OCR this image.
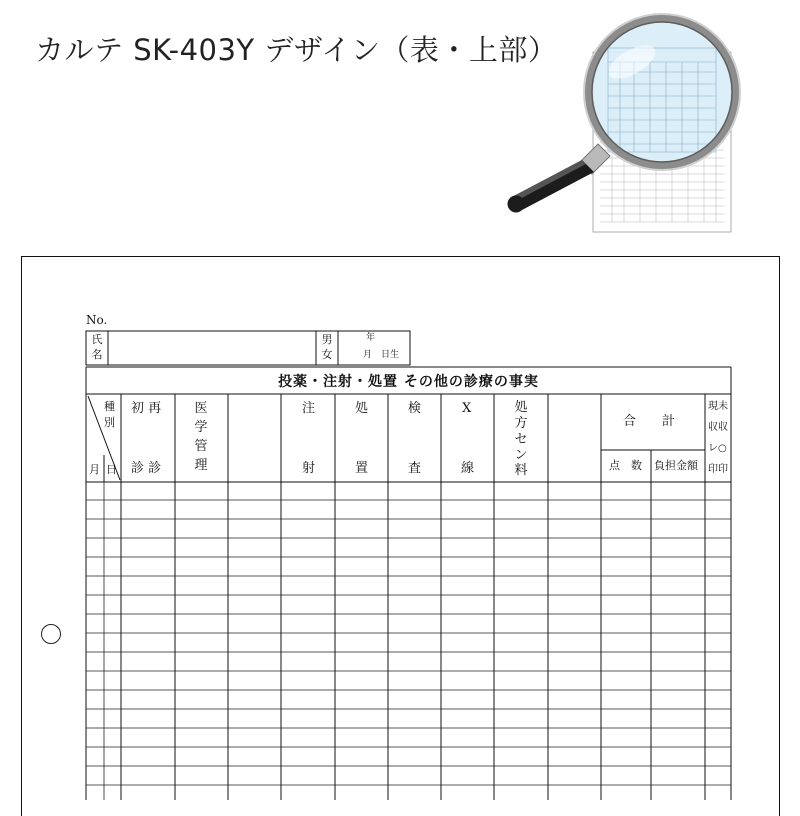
カルテ SK-403Y デザイン（表・上部）
No.
氏名
男女
年
月　日生
投薬・注射・処置 その他の診療の事実
種
別
月 日
初 再
診 診
医学管理
注
射
処
置
検
査
X
線
処方セン料
合　　計
点　数 負担金額
現未
収収
レ○
印印
